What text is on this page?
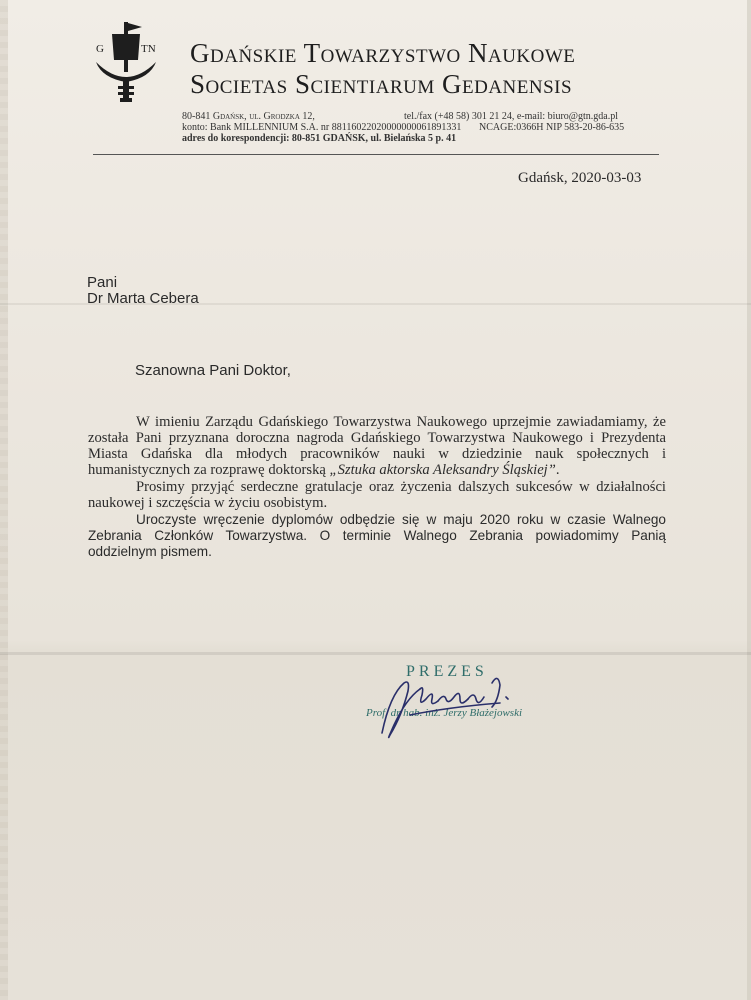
G	TN Gdańskie Towarzystwo Naukowe
Societas Scientiarum Gedanensis
80-841 Gdańsk, ul. Grodzka 12,	tel./fax (+48 58) 301 21 24, e-mail: biuro@gtn.gda.pl
konto: Bank MILLENNIUM S.A. nr 88116022020000000061891331 NCAGE:0366H NIP 583-20-86-635
adres do korespondencji: 80-851 GDAŃSK, ul. Bielańska 5 p. 41
Gdańsk, 2020-03-03
Pani
Dr Marta Cebera
Szanowna Pani Doktor,
W imieniu Zarządu Gdańskiego Towarzystwa Naukowego uprzejmie zawiadamiamy, że została Pani przyznana doroczna nagroda Gdańskiego Towarzystwa Naukowego i Prezydenta Miasta Gdańska dla młodych pracowników nauki w dziedzinie nauk społecznych i humanistycznych za rozprawę doktorską „Sztuka aktorska Aleksandry Śląskiej”.
Prosimy przyjąć serdeczne gratulacje oraz życzenia dalszych sukcesów w działalności naukowej i szczęścia w życiu osobistym.
Uroczyste wręczenie dyplomów odbędzie się w maju 2020 roku w czasie Walnego Zebrania Członków Towarzystwa. O terminie Walnego Zebrania powiadomimy Panią oddzielnym pismem.
PREZES
Prof. dr hab. inż. Jerzy Błażejowski
